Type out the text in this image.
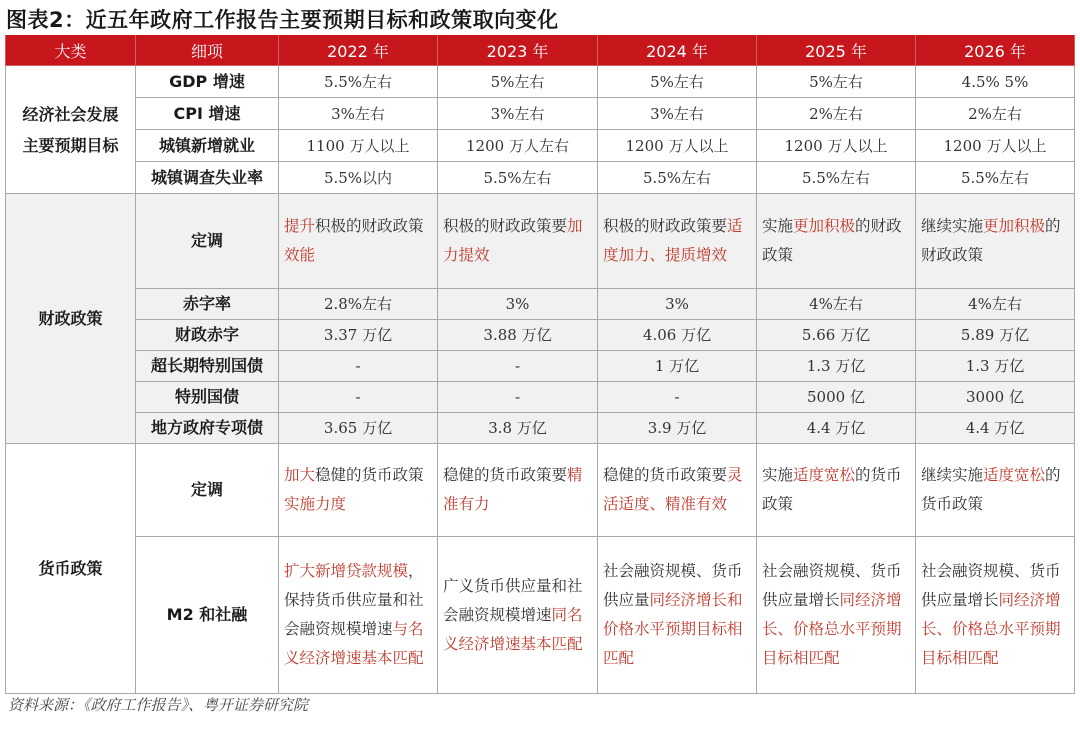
图表2：近五年政府工作报告主要预期目标和政策取向变化
大类	细项	2022 年	2023 年	2024 年	2025 年	2026 年

经济社会发展
主要预期目标	GDP 增速	5.5%左右	5%左右	5%左右	5%左右	4.5% 5%
	CPI 增速	3%左右	3%左右	3%左右	2%左右	2%左右
	城镇新增就业	1100 万人以上	1200 万人左右	1200 万人以上	1200 万人以上	1200 万人以上
	城镇调查失业率	5.5%以内	5.5%左右	5.5%左右	5.5%左右	5.5%左右
财政政策	定调	提升积极的财政政策效能	积极的财政政策要加力提效	积极的财政政策要适度加力、提质增效	实施更加积极的财政政策	继续实施更加积极的财政政策
	赤字率	2.8%左右	3%	3%	4%左右	4%左右
	财政赤字	3.37 万亿	3.88 万亿	4.06 万亿	5.66 万亿	5.89 万亿
	超长期特别国债	-	-	1 万亿	1.3 万亿	1.3 万亿
	特别国债	-	-	-	5000 亿	3000 亿
	地方政府专项债	3.65 万亿	3.8 万亿	3.9 万亿	4.4 万亿	4.4 万亿
货币政策	定调	加大稳健的货币政策实施力度	稳健的货币政策要精准有力	稳健的货币政策要灵活适度、精准有效	实施适度宽松的货币政策	继续实施适度宽松的货币政策
	M2 和社融	扩大新增贷款规模，保持货币供应量和社会融资规模增速与名义经济增速基本匹配	广义货币供应量和社会融资规模增速同名义经济增速基本匹配	社会融资规模、货币供应量同经济增长和价格水平预期目标相匹配	社会融资规模、货币供应量增长同经济增长、价格总水平预期目标相匹配	社会融资规模、货币供应量增长同经济增长、价格总水平预期目标相匹配
资料来源：《政府工作报告》、粤开证券研究院
